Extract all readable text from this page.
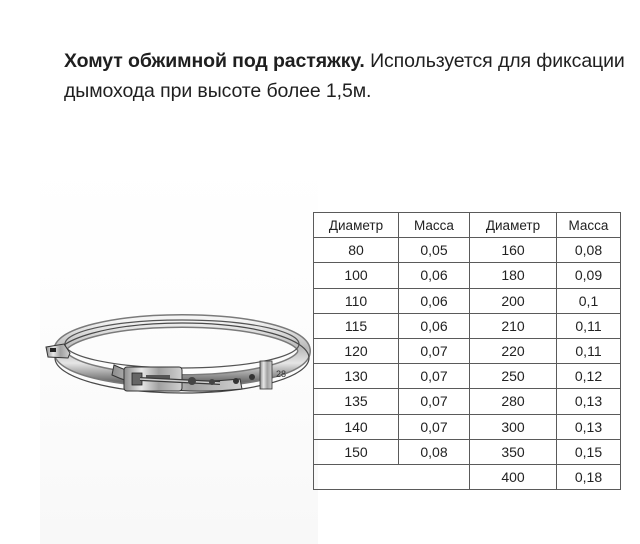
Хомут обжимной под растяжку. Используется для фиксации дымохода при высоте более 1,5м.
28
Диаметр	Масса	Диаметр	Масса
80	0,05	160	0,08
100	0,06	180	0,09
110	0,06	200	0,1
115	0,06	210	0,11
120	0,07	220	0,11
130	0,07	250	0,12
135	0,07	280	0,13
140	0,07	300	0,13
150	0,08	350	0,15
		400	0,18
